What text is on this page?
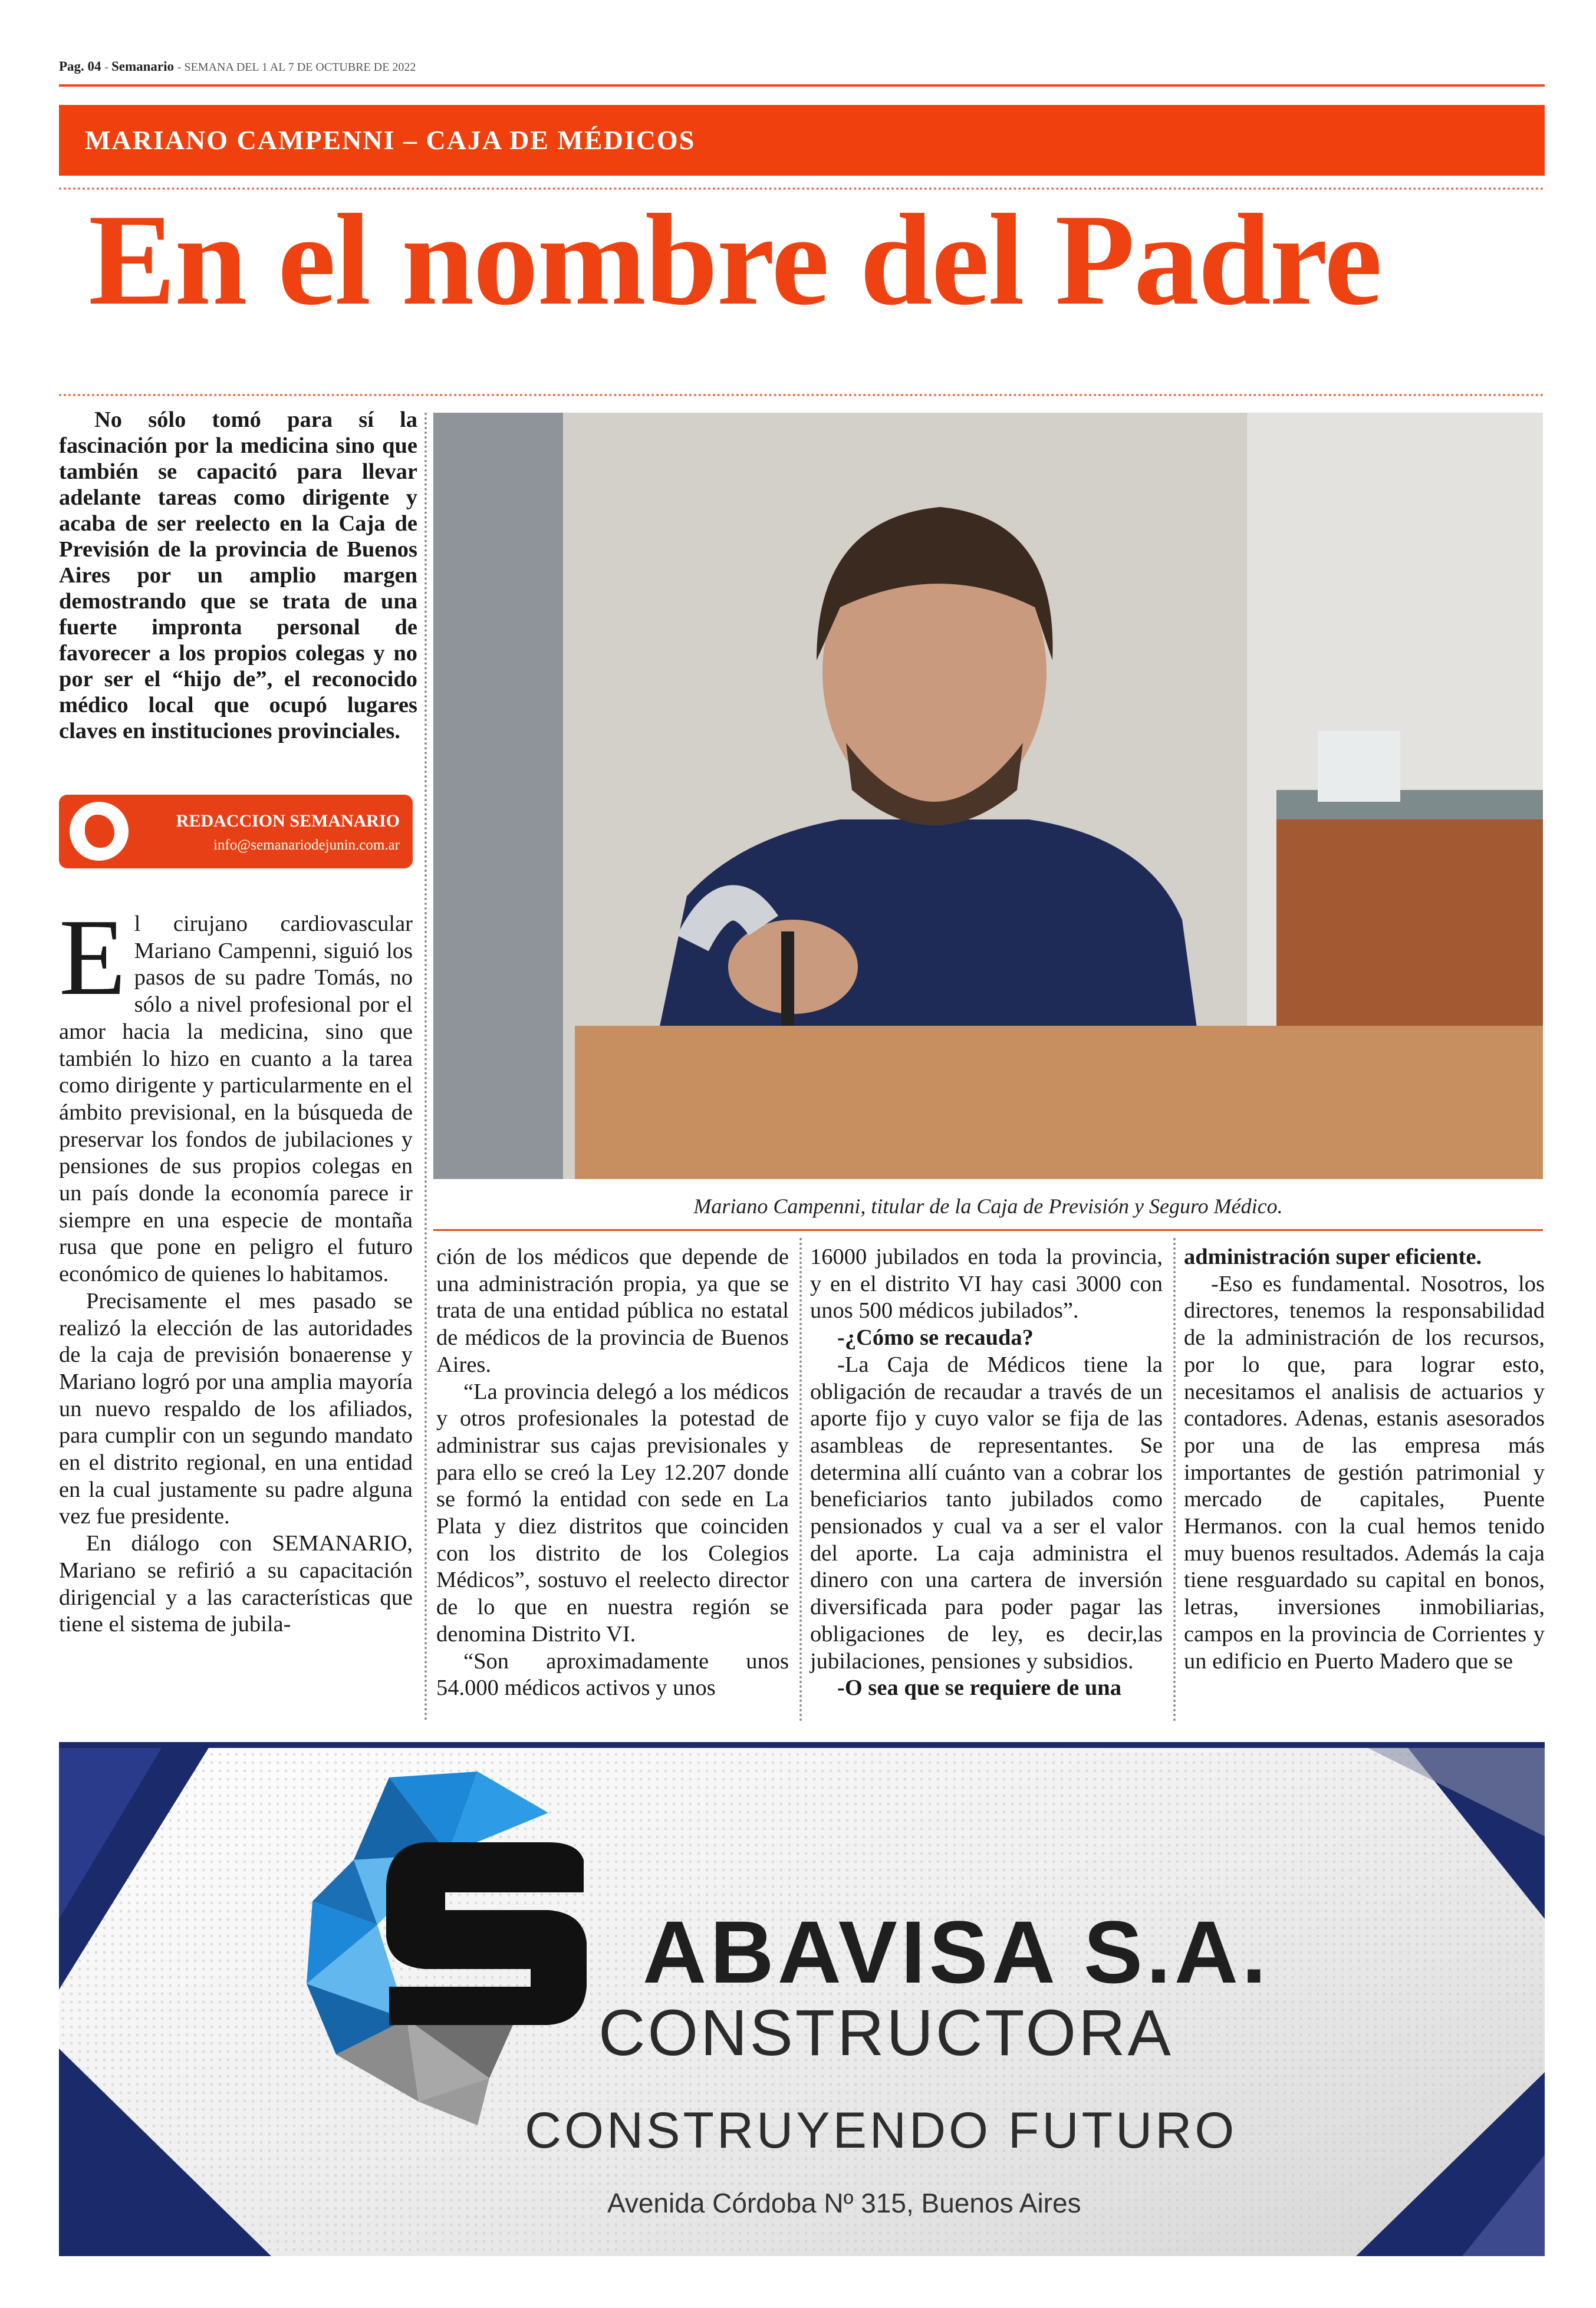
Pag. 04 - Semanario - SEMANA DEL 1 AL 7 DE OCTUBRE DE 2022
MARIANO CAMPENNI – CAJA DE MÉDICOS
En el nombre del Padre
No sólo tomó para sí la fascinación por la medicina sino que también se capacitó para llevar adelante tareas como dirigente y acaba de ser reelecto en la Caja de Previsión de la provincia de Buenos Aires por un amplio margen demostrando que se trata de una fuerte impronta personal de favorecer a los propios colegas y no por ser el “hijo de”, el reconocido médico local que ocupó lugares claves en instituciones provinciales.
REDACCION SEMANARIO
info@semanariodejunin.com.ar
Mariano Campenni, titular de la Caja de Previsión y Seguro Médico.

El cirujano cardiovascular Mariano Campenni, siguió los pasos de su padre Tomás, no sólo a nivel profesional por el amor hacia la medicina, sino que también lo hizo en cuanto a la tarea como dirigente y particularmente en el ámbito previsional, en la búsqueda de preservar los fondos de jubilaciones y pensiones de sus propios colegas en un país donde la economía parece ir siempre en una especie de montaña rusa que pone en peligro el futuro económico de quienes lo habitamos.

Precisamente el mes pasado se realizó la elección de las autoridades de la caja de previsión bonaerense y Mariano logró por una amplia mayoría un nuevo respaldo de los afiliados, para cumplir con un segundo mandato en el distrito regional, en una entidad en la cual justamente su padre alguna vez fue presidente.

En diálogo con SEMANARIO, Mariano se refirió a su capacitación dirigencial y a las características que tiene el sistema de jubila-

ción de los médicos que depende de una administración propia, ya que se trata de una entidad pública no estatal de médicos de la provincia de Buenos Aires.

“La provincia delegó a los médicos y otros profesionales la potestad de administrar sus cajas previsionales y para ello se creó la Ley 12.207 donde se formó la entidad con sede en La Plata y diez distritos que coinciden con los distrito de los Colegios Médicos”, sostuvo el reelecto director de lo que en nuestra región se denomina Distrito VI.

“Son aproximadamente unos 54.000 médicos activos y unos

16000 jubilados en toda la provincia, y en el distrito VI hay casi 3000 con unos 500 médicos jubilados”.

-¿Cómo se recauda?

-La Caja de Médicos tiene la obligación de recaudar a través de un aporte fijo y cuyo valor se fija de las asambleas de representantes. Se determina allí cuánto van a cobrar los beneficiarios tanto jubilados como pensionados y cual va a ser el valor del aporte. La caja administra el dinero con una cartera de inversión diversificada para poder pagar las obligaciones de ley, es decir,las jubilaciones, pensiones y subsidios.

-O sea que se requiere de una

administración super eficiente.

-Eso es fundamental. Nosotros, los directores, tenemos la responsabilidad de la administración de los recursos, por lo que, para lograr esto, necesitamos el analisis de actuarios y contadores. Adenas, estanis asesorados por una de las empresa más importantes de gestión patrimonial y mercado de capitales, Puente Hermanos. con la cual hemos tenido muy buenos resultados. Además la caja tiene resguardado su capital en bonos, letras, inversiones inmobiliarias, campos en la provincia de Corrientes y un edificio en Puerto Madero que se

ABAVISA S.A.
CONSTRUCTORA
CONSTRUYENDO FUTURO
Avenida Córdoba Nº 315, Buenos Aires
